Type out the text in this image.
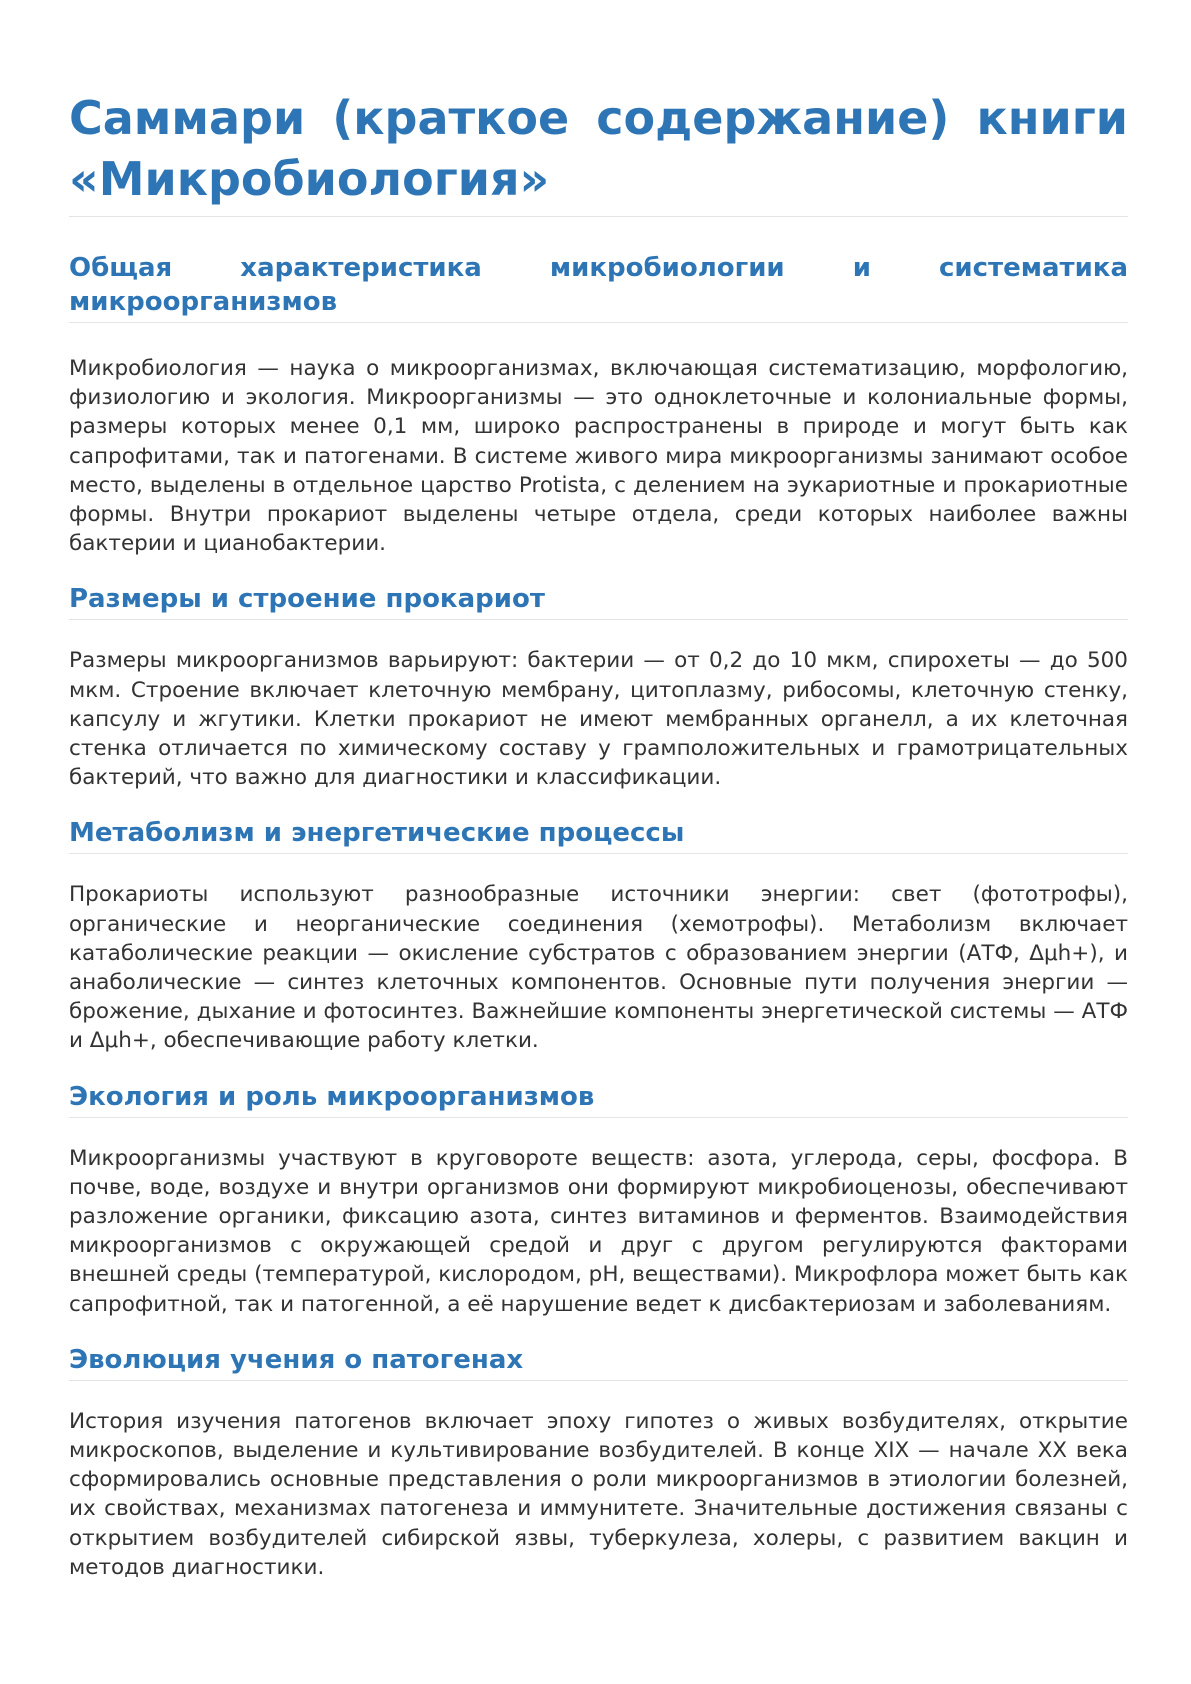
Саммари (краткое содержание) книги «Микробиология»
Общая характеристика микробиологии и систематика микроорганизмов

Микробиология — наука о микроорганизмах, включающая систематизацию, морфологию, физиологию и экология. Микроорганизмы — это одноклеточные и колониальные формы, размеры которых менее 0,1 мм, широко распространены в природе и могут быть как сапрофитами, так и патогенами. В системе живого мира микроорганизмы занимают особое место, выделены в отдельное царство Protista, с делением на эукариотные и прокариотные формы. Внутри прокариот выделены четыре отдела, среди которых наиболее важны бактерии и цианобактерии.

Размеры и строение прокариот

Размеры микроорганизмов варьируют: бактерии — от 0,2 до 10 мкм, спирохеты — до 500 мкм. Строение включает клеточную мембрану, цитоплазму, рибосомы, клеточную стенку, капсулу и жгутики. Клетки прокариот не имеют мембранных органелл, а их клеточная стенка отличается по химическому составу у грамположительных и грамотрицательных бактерий, что важно для диагностики и классификации.

Метаболизм и энергетические процессы

Прокариоты используют разнообразные источники энергии: свет (фототрофы), органические и неорганические соединения (хемотрофы). Метаболизм включает катаболические реакции — окисление субстратов с образованием энергии (АТФ, Δμh+), и анаболические — синтез клеточных компонентов. Основные пути получения энергии — брожение, дыхание и фотосинтез. Важнейшие компоненты энергетической системы — АТФ и Δμh+, обеспечивающие работу клетки.

Экология и роль микроорганизмов

Микроорганизмы участвуют в круговороте веществ: азота, углерода, серы, фосфора. В почве, воде, воздухе и внутри организмов они формируют микробиоценозы, обеспечивают разложение органики, фиксацию азота, синтез витаминов и ферментов. Взаимодействия микроорганизмов с окружающей средой и друг с другом регулируются факторами внешней среды (температурой, кислородом, pH, веществами). Микрофлора может быть как сапрофитной, так и патогенной, а её нарушение ведет к дисбактериозам и заболеваниям.

Эволюция учения о патогенах

История изучения патогенов включает эпоху гипотез о живых возбудителях, открытие микроскопов, выделение и культивирование возбудителей. В конце XIX — начале XX века сформировались основные представления о роли микроорганизмов в этиологии болезней, их свойствах, механизмах патогенеза и иммунитете. Значительные достижения связаны с открытием возбудителей сибирской язвы, туберкулеза, холеры, с развитием вакцин и методов диагностики.
